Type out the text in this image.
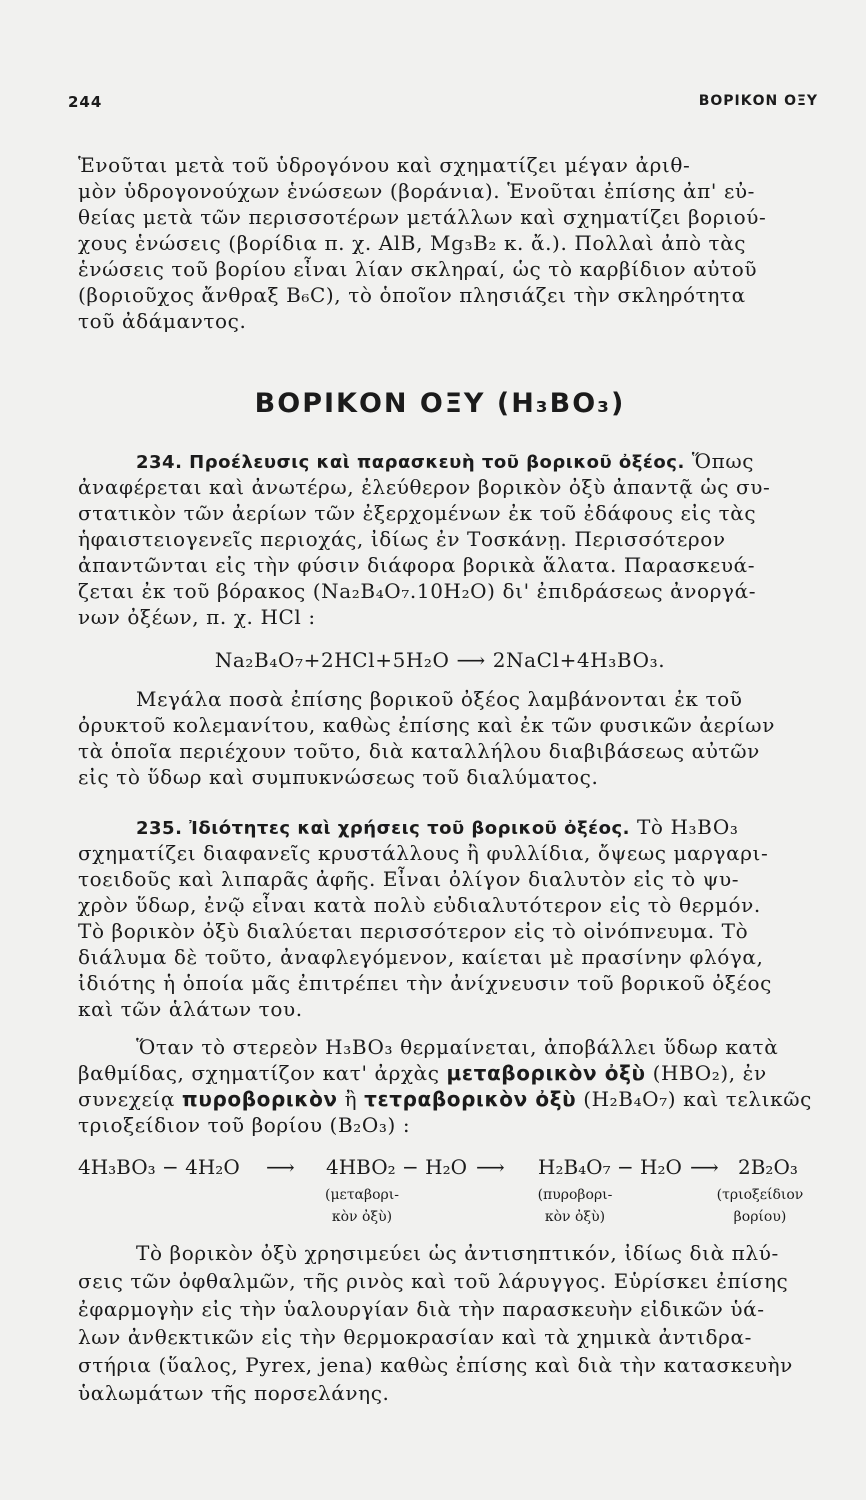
244	ΒΟΡΙΚΟΝ ΟΞΥ
Ἑνοῦται μετὰ τοῦ ὑδρογόνου καὶ σχηματίζει μέγαν ἀριθ-
μὸν ὑδρογονούχων ἑνώσεων (βοράνια). Ἑνοῦται ἐπίσης ἀπ' εὐ-
θείας μετὰ τῶν περισσοτέρων μετάλλων καὶ σχηματίζει βοριού-
χους ἑνώσεις (βορίδια π. χ. AlB, Mg₃B₂ κ. ἄ.). Πολλαὶ ἀπὸ τὰς
ἑνώσεις τοῦ βορίου εἶναι λίαν σκληραί, ὡς τὸ καρβίδιον αὐτοῦ
(βοριοῦχος ἄνθραξ B₆C), τὸ ὁποῖον πλησιάζει τὴν σκληρότητα
τοῦ ἀδάμαντος.
ΒΟΡΙΚΟΝ ΟΞΥ (H₃BO₃)
234. Προέλευσις καὶ παρασκευὴ τοῦ βορικοῦ ὀξέος. Ὅπως
ἀναφέρεται καὶ ἀνωτέρω, ἐλεύθερον βορικὸν ὀξὺ ἀπαντᾷ ὡς συ-
στατικὸν τῶν ἀερίων τῶν ἐξερχομένων ἐκ τοῦ ἐδάφους εἰς τὰς
ἡφαιστειογενεῖς περιοχάς, ἰδίως ἐν Τοσκάνῃ. Περισσότερον
ἀπαντῶνται εἰς τὴν φύσιν διάφορα βορικὰ ἅλατα. Παρασκευά-
ζεται ἐκ τοῦ βόρακος (Na₂B₄O₇.10H₂O) δι' ἐπιδράσεως ἀνοργά-
νων ὀξέων, π. χ. HCl :
Na₂B₄O₇+2HCl+5H₂O ⟶ 2NaCl+4H₃BO₃.
Μεγάλα ποσὰ ἐπίσης βορικοῦ ὀξέος λαμβάνονται ἐκ τοῦ
ὀρυκτοῦ κολεμανίτου, καθὼς ἐπίσης καὶ ἐκ τῶν φυσικῶν ἀερίων
τὰ ὁποῖα περιέχουν τοῦτο, διὰ καταλλήλου διαβιβάσεως αὐτῶν
εἰς τὸ ὕδωρ καὶ συμπυκνώσεως τοῦ διαλύματος.
235. Ἰδιότητες καὶ χρήσεις τοῦ βορικοῦ ὀξέος. Τὸ H₃BO₃
σχηματίζει διαφανεῖς κρυστάλλους ἢ φυλλίδια, ὄψεως μαργαρι-
τοειδοῦς καὶ λιπαρᾶς ἀφῆς. Εἶναι ὀλίγον διαλυτὸν εἰς τὸ ψυ-
χρὸν ὕδωρ, ἐνῷ εἶναι κατὰ πολὺ εὐδιαλυτότερον εἰς τὸ θερμόν.
Τὸ βορικὸν ὀξὺ διαλύεται περισσότερον εἰς τὸ οἰνόπνευμα. Τὸ
διάλυμα δὲ τοῦτο, ἀναφλεγόμενον, καίεται μὲ πρασίνην φλόγα,
ἰδιότης ἡ ὁποία μᾶς ἐπιτρέπει τὴν ἀνίχνευσιν τοῦ βορικοῦ ὀξέος
καὶ τῶν ἁλάτων του.
Ὅταν τὸ στερεὸν H₃BO₃ θερμαίνεται, ἀποβάλλει ὕδωρ κατὰ
βαθμίδας, σχηματίζον κατ' ἀρχὰς μεταβορικὸν ὀξὺ (HBO₂), ἐν
συνεχείᾳ πυροβορικὸν ἢ τετραβορικὸν ὀξὺ (H₂B₄O₇) καὶ τελικῶς
τριοξείδιον τοῦ βορίου (B₂O₃) :
4H₃BO₃ − 4H₂O ⟶ 4HBO₂ − H₂O ⟶ H₂B₄O₇ − H₂O ⟶ 2B₂O₃
(μεταβορι-
κὸν ὀξὺ)
(πυροβορι-
κὸν ὀξὺ)
(τριοξείδιον
βορίου)
Τὸ βορικὸν ὀξὺ χρησιμεύει ὡς ἀντισηπτικόν, ἰδίως διὰ πλύ-
σεις τῶν ὀφθαλμῶν, τῆς ρινὸς καὶ τοῦ λάρυγγος. Εὑρίσκει ἐπίσης
ἐφαρμογὴν εἰς τὴν ὑαλουργίαν διὰ τὴν παρασκευὴν εἰδικῶν ὑά-
λων ἀνθεκτικῶν εἰς τὴν θερμοκρασίαν καὶ τὰ χημικὰ ἀντιδρα-
στήρια (ὕαλος, Pyrex, jena) καθὼς ἐπίσης καὶ διὰ τὴν κατασκευὴν
ὑαλωμάτων τῆς πορσελάνης.
